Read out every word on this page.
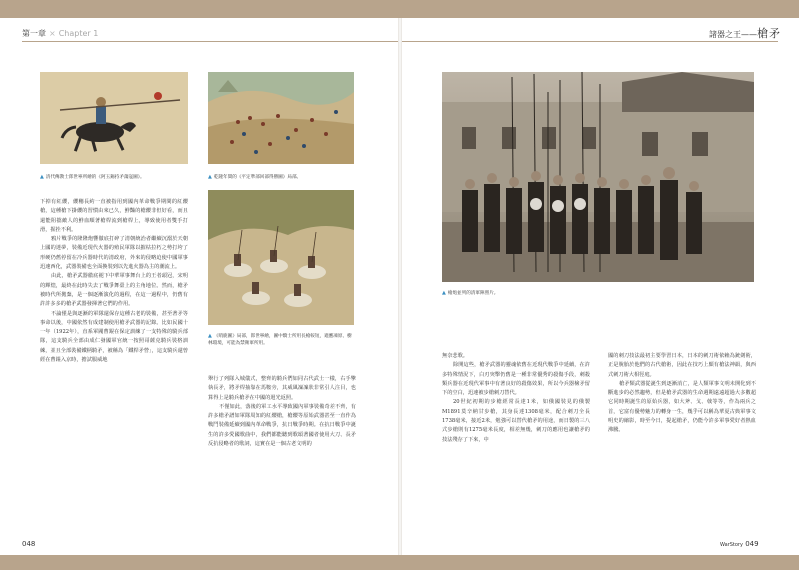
第一章 × Chapter 1	諸器之王——槍矛
▲ 清代傳教士郎世寧所繪的《阿玉錫持矛蕩寇圖》。	▲ 乾隆年間的《平定準部回部得勝圖》局部。
▲ 《哨鹿圖》局部，郎世寧繪，圖中騎士所用長槍較短，適應凍原、樹林環境，可能為禁衛軍所用。
▲ 槍炮並列的清軍陣照片。

下掉有紅纓，纓穗長約一直被指用到國內革命戰爭期間的紅纓槍，這種槍下掛纓的習慣由來已久，鮮豔的槍纓非但好看，而且還能阻擋敵人的鮮血順著槍桿流到槍桿上，導致使用者雙手打滑，握拴不利。

鴉片戰爭的隆隆炮響徹底打碎了清朝統治者繼續沉溺於天朝上國的迷夢，裝備近現代火器的殖民軍隊以摧枯拉朽之勢打垮了形硬仍舊停留在冷兵器時代的清政府，外來的侵略迫使中國軍事迅速西化，武器裝備也全面換裝到以先進火器為主的潮流上。

由此，槍矛武器徹底褪下中華軍事舞台上的王者頭冠，宋明的輝煌，最終在此時失去了戰爭舞臺上的主角地位。然而，槍矛被時代所拋棄，是一個逐漸演化的過程，在這一過程中，仍舊有許許多多的槍矛武器發揮著它們的作用。

不論僅是與逐漸的軍隊還保存這種古老的裝備，甚至著矛等事命以後，中國依然有成建制使用槍矛武器的記錄。比如民國十一年（1922年），直系軍閥曹錕在保定訓練了一支特殊的騎兵部隊，這支騎兵全部由成仁發國軍官統一按照哥薩克騎兵裝格訓練，並且全部裝備鐵柄騎矛，被稱為「鐵桿矛營」，這支騎兵還曾經在曹錕入京時，擔試服威地

舉行了列隊入城儀式，整齊的騎兵們如同古代武士一樣，右手擎執長矛，將矛桿抽靠在馬鞍旁，其威風凜凜狀非常引人注目，也算得上是騎兵槍矛在中國的迴光返照。

不僅如此，落後的軍工水平導致國內軍事裝備奇差不齊，有許多槍矛譜如軍隊周知的紅纓槍，槍纓等原始武器甚至一直作為戰鬥裝備延續到國內革命戰爭，抗日戰爭時期。在抗日戰爭中誕生的許多愛國歌曲中，我們都能聽到歌頌著國者使用大刀、長矛反抗侵略者的歌詞，這實在是一個古老文明的

無奈悲歌。

除開這些，槍矛武器的靈魂依舊在近現代戰爭中延續，在許多特殊情況下，白刃突擊仍舊是一種非常優秀的殺傷手段，刺殺類兵器在近現代軍事中有著良好的殺傷效果，所以今兵器檢矛留下的空白，迅速被步槍刺刀替代。

20世紀初期的步槍經常長達1米，如俄國裝見的俄製M1891莫辛納甘步槍，其身長達1308毫米，配合刺刀全長1738毫米，接近2米，勉強可以替代槍矛的用途，而日製的三八式步槍則有1275毫米長度，相差無幾，刺刀的應用也讓槍矛的技法殘存了下來，中

國的刺刀技法最初主要學習日本，日本的刺刀術依賴為銃劍術，正是脫胎於他們的古代槍術，因此在技巧上頗有槍法神韻，與西式刺刀術大相徑庭。

槍矛類武器從誕生到逐漸消亡，是人類軍事文明未開化到不斷進步的必然趨勢，但是槍矛武器的生命週期遠遠超過大多數超它同時期誕生的原始兵器，如大斧、戈、戟等等，作為兩兵之首，它富有優勢魅力的轉身一生，幾乎可以稱為華夏古典軍事文明史的縮影，時至今日，提起槍矛，仍能今許多軍事愛好者熱血沸騰。

048	WarStory 049
